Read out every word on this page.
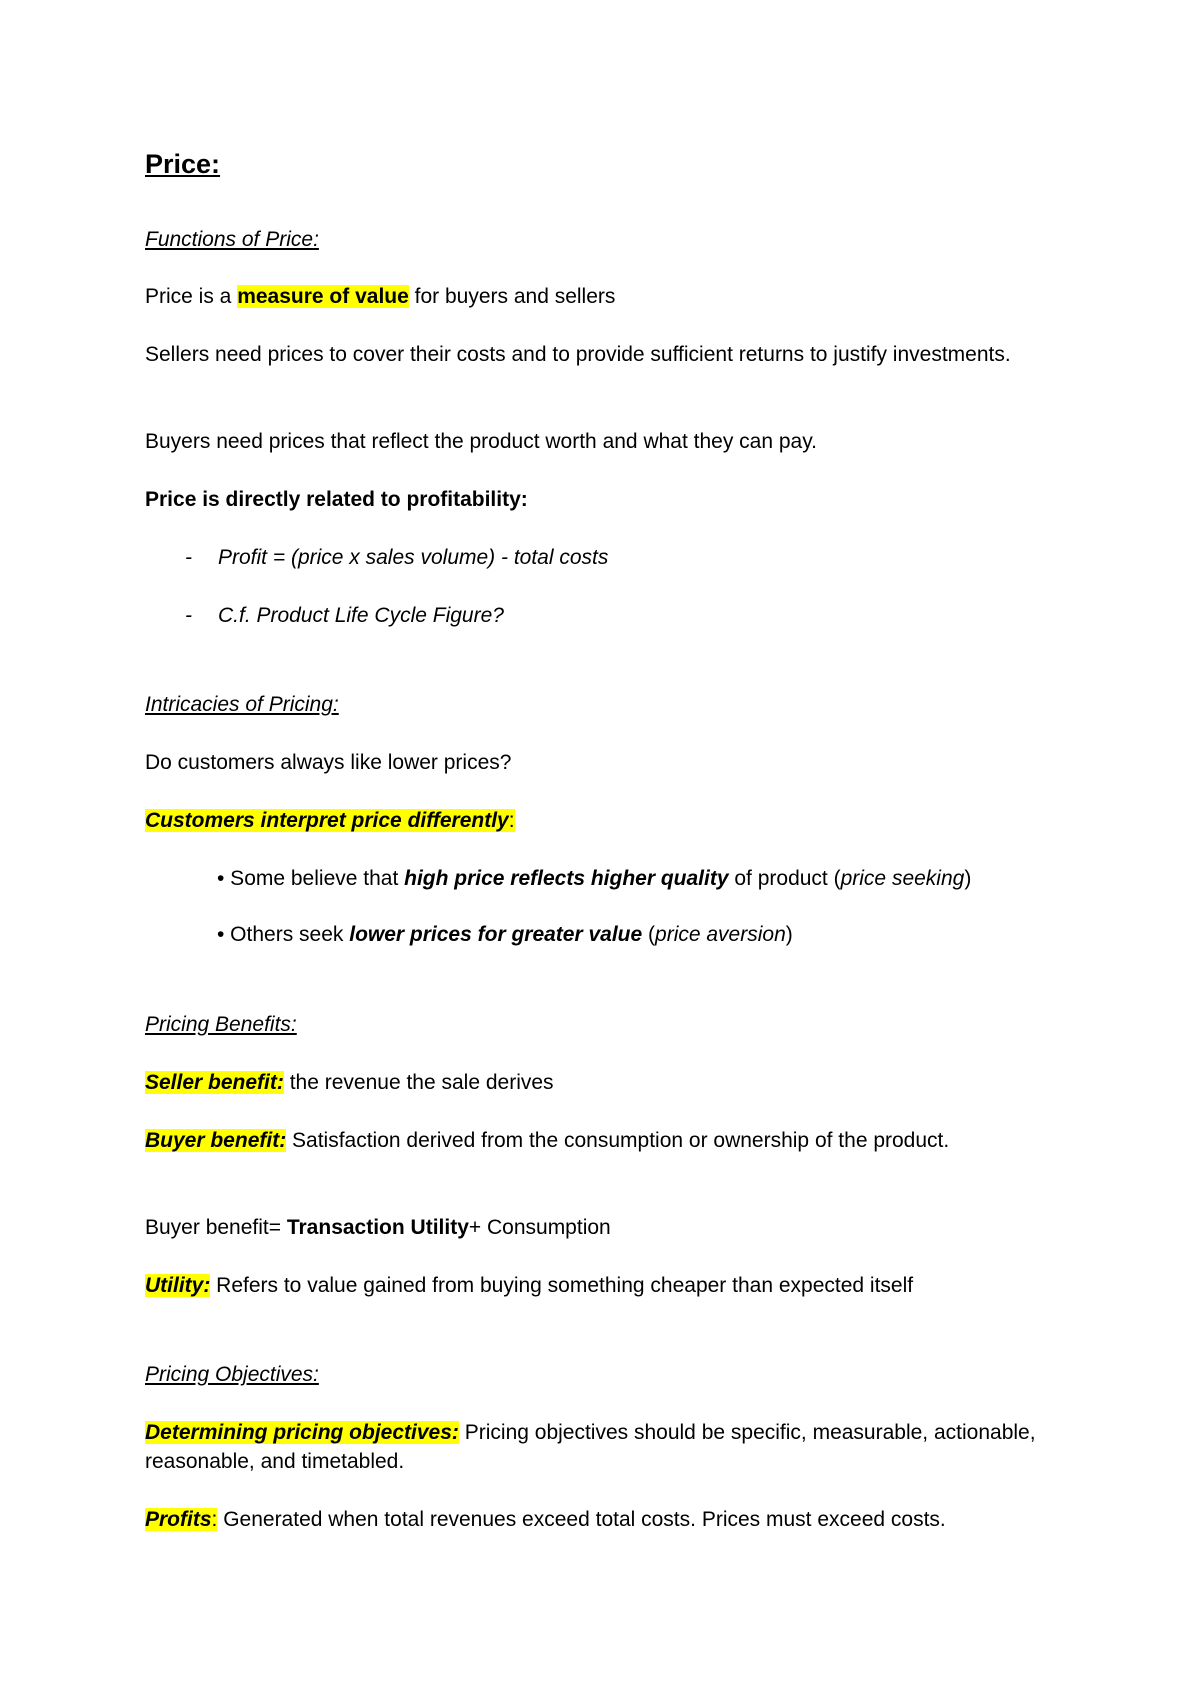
Price:
Functions of Price:
Price is a measure of value for buyers and sellers
Sellers need prices to cover their costs and to provide sufficient returns to justify investments.
Buyers need prices that reflect the product worth and what they can pay.
Price is directly related to profitability:
- Profit = (price x sales volume) - total costs
- C.f. Product Life Cycle Figure?
Intricacies of Pricing:
Do customers always like lower prices?
Customers interpret price differently:
• Some believe that high price reflects higher quality of product (price seeking)
• Others seek lower prices for greater value (price aversion)
Pricing Benefits:
Seller benefit: the revenue the sale derives
Buyer benefit: Satisfaction derived from the consumption or ownership of the product.
Buyer benefit= Transaction Utility+ Consumption
Utility: Refers to value gained from buying something cheaper than expected itself
Pricing Objectives:
Determining pricing objectives: Pricing objectives should be specific, measurable, actionable, reasonable, and timetabled.
Profits: Generated when total revenues exceed total costs. Prices must exceed costs.
